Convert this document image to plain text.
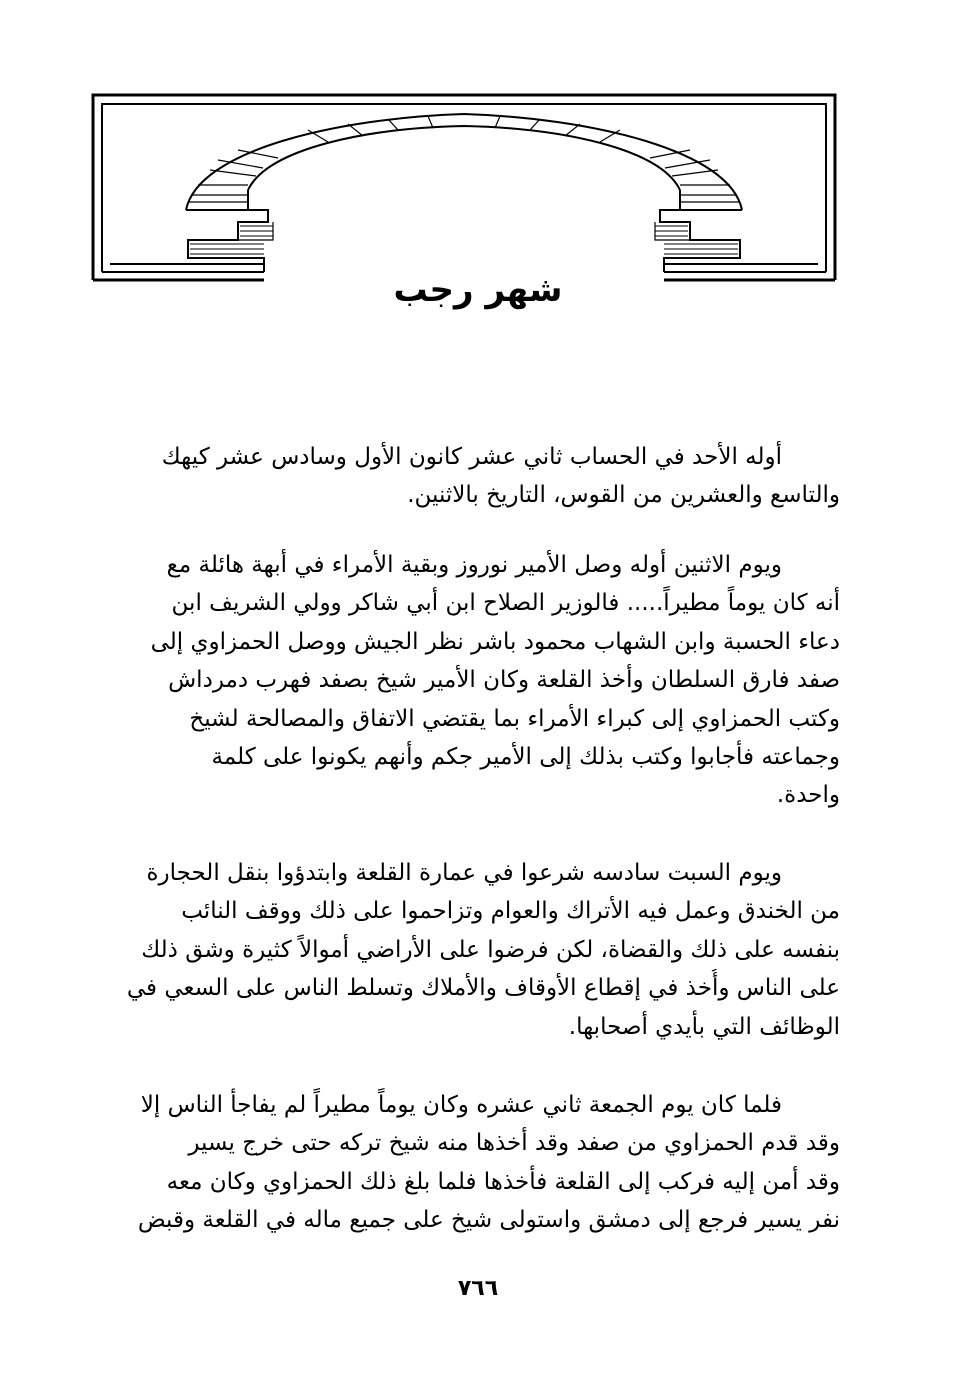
شهر رجب
أوله الأحد في الحساب ثاني عشر كانون الأول وسادس عشر كيهك
والتاسع والعشرين من القوس، التاريخ بالاثنين.
ويوم الاثنين أوله وصل الأمير نوروز وبقية الأمراء في أبهة هائلة مع
أنه كان يوماً مطيراً..... فالوزير الصلاح ابن أبي شاكر وولي الشريف ابن
دعاء الحسبة وابن الشهاب محمود باشر نظر الجيش ووصل الحمزاوي إلى
صفد فارق السلطان وأخذ القلعة وكان الأمير شيخ بصفد فهرب دمرداش
وكتب الحمزاوي إلى كبراء الأمراء بما يقتضي الاتفاق والمصالحة لشيخ
وجماعته فأجابوا وكتب بذلك إلى الأمير جكم وأنهم يكونوا على كلمة
واحدة.
ويوم السبت سادسه شرعوا في عمارة القلعة وابتدؤوا بنقل الحجارة
من الخندق وعمل فيه الأتراك والعوام وتزاحموا على ذلك ووقف النائب
بنفسه على ذلك والقضاة، لكن فرضوا على الأراضي أموالاً كثيرة وشق ذلك
على الناس وأُخذ في إقطاع الأوقاف والأملاك وتسلط الناس على السعي في
الوظائف التي بأيدي أصحابها.
فلما كان يوم الجمعة ثاني عشره وكان يوماً مطيراً لم يفاجأ الناس إلا
وقد قدم الحمزاوي من صفد وقد أخذها منه شيخ تركه حتى خرج يسير
وقد أمن إليه فركب إلى القلعة فأخذها فلما بلغ ذلك الحمزاوي وكان معه
نفر يسير فرجع إلى دمشق واستولى شيخ على جميع ماله في القلعة وقبض
٧٦٦
